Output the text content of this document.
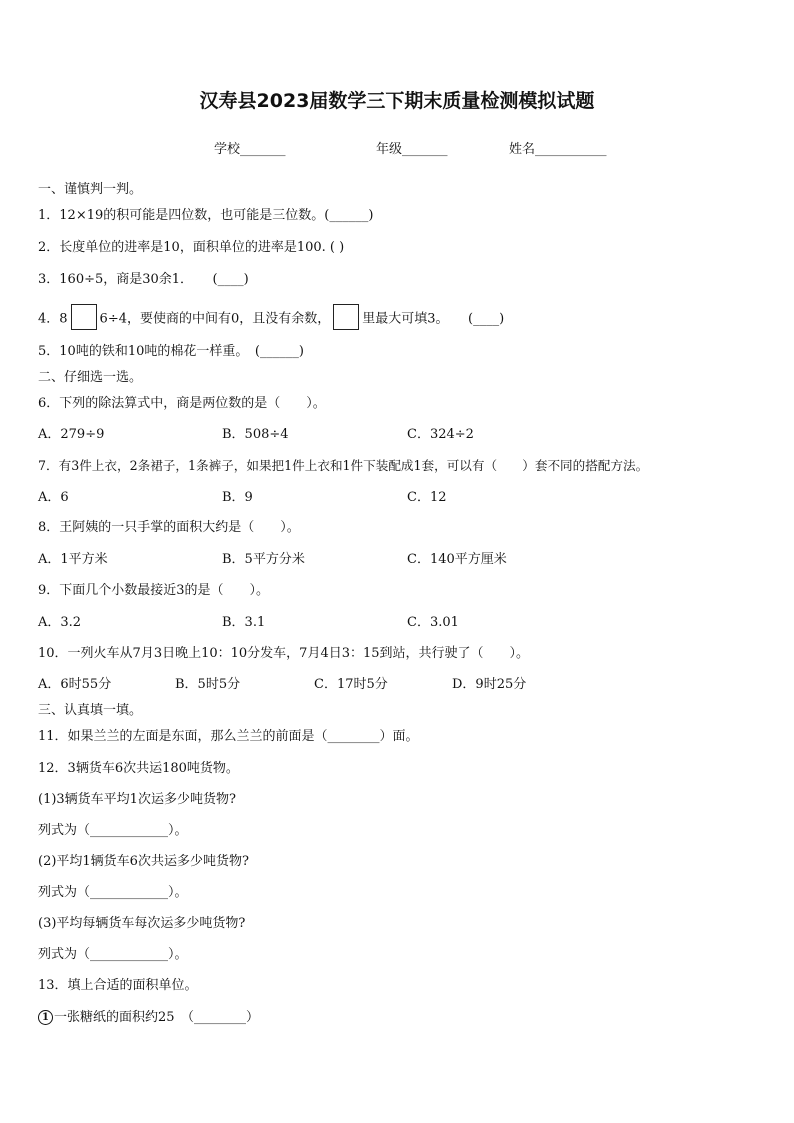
汉寿县2023届数学三下期末质量检测模拟试题
学校_______	年级_______	姓名___________
一、谨慎判一判。
1．12×19的积可能是四位数，也可能是三位数。(______)
2．长度单位的进率是10，面积单位的进率是100. ( )
3．160÷5，商是30余1．　　(____)
4．8 6÷4，要使商的中间有0，且没有余数， 里最大可填3。　　(____)
5．10吨的铁和10吨的棉花一样重。　(______)
二、仔细选一选。
6．下列的除法算式中，商是两位数的是（　　）。
A．279÷9	B．508÷4	C．324÷2
7．有3件上衣，2条裙子，1条裤子，如果把1件上衣和1件下装配成1套，可以有（　　）套不同的搭配方法。
A．6	B．9	C．12
8．王阿姨的一只手掌的面积大约是（　　）。
A．1平方米	B．5平方分米	C．140平方厘米
9．下面几个小数最接近3的是（　　）。
A．3.2	B．3.1	C．3.01
10．一列火车从7月3日晚上10：10分发车，7月4日3：15到站，共行驶了（　　）。
A．6时55分	B．5时5分	C．17时5分	D．9时25分
三、认真填一填。
11．如果兰兰的左面是东面，那么兰兰的前面是（________）面。
12．3辆货车6次共运180吨货物。
(1)3辆货车平均1次运多少吨货物?
列式为（____________）。
(2)平均1辆货车6次共运多少吨货物?
列式为（____________）。
(3)平均每辆货车每次运多少吨货物?
列式为（____________）。
13．填上合适的面积单位。
1 一张糖纸的面积约25　（________）
